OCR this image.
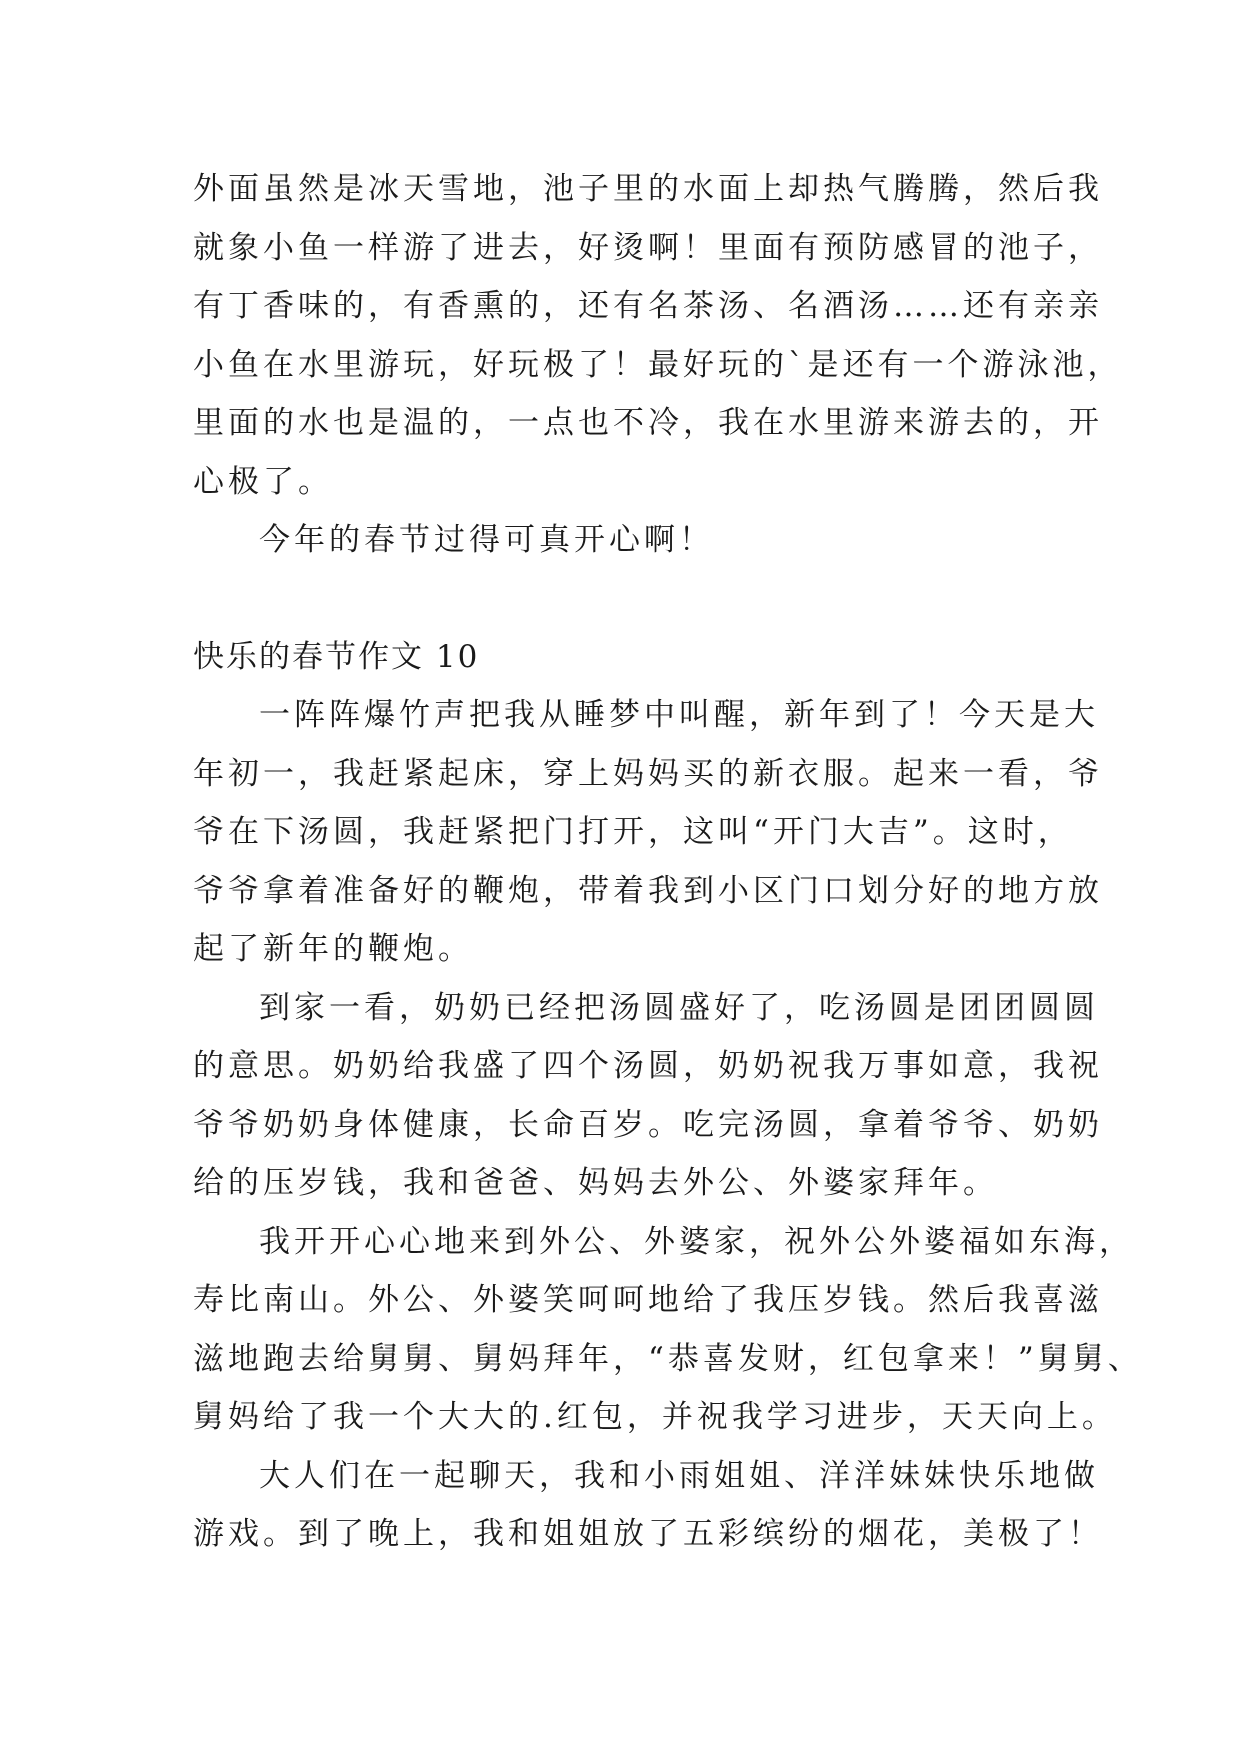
外面虽然是冰天雪地，池子里的水面上却热气腾腾，然后我
就象小鱼一样游了进去，好烫啊！里面有预防感冒的池子，
有丁香味的，有香熏的，还有名茶汤、名酒汤……还有亲亲
小鱼在水里游玩，好玩极了！最好玩的`是还有一个游泳池，
里面的水也是温的，一点也不冷，我在水里游来游去的，开
心极了。
今年的春节过得可真开心啊！
快乐的春节作文 10
一阵阵爆竹声把我从睡梦中叫醒，新年到了！今天是大
年初一，我赶紧起床，穿上妈妈买的新衣服。起来一看，爷
爷在下汤圆，我赶紧把门打开，这叫“开门大吉”。这时，
爷爷拿着准备好的鞭炮，带着我到小区门口划分好的地方放
起了新年的鞭炮。
到家一看，奶奶已经把汤圆盛好了，吃汤圆是团团圆圆
的意思。奶奶给我盛了四个汤圆，奶奶祝我万事如意，我祝
爷爷奶奶身体健康，长命百岁。吃完汤圆，拿着爷爷、奶奶
给的压岁钱，我和爸爸、妈妈去外公、外婆家拜年。
我开开心心地来到外公、外婆家，祝外公外婆福如东海，
寿比南山。外公、外婆笑呵呵地给了我压岁钱。然后我喜滋
滋地跑去给舅舅、舅妈拜年，“恭喜发财，红包拿来！”舅舅、
舅妈给了我一个大大的.红包，并祝我学习进步，天天向上。
大人们在一起聊天，我和小雨姐姐、洋洋妹妹快乐地做
游戏。到了晚上，我和姐姐放了五彩缤纷的烟花，美极了！
